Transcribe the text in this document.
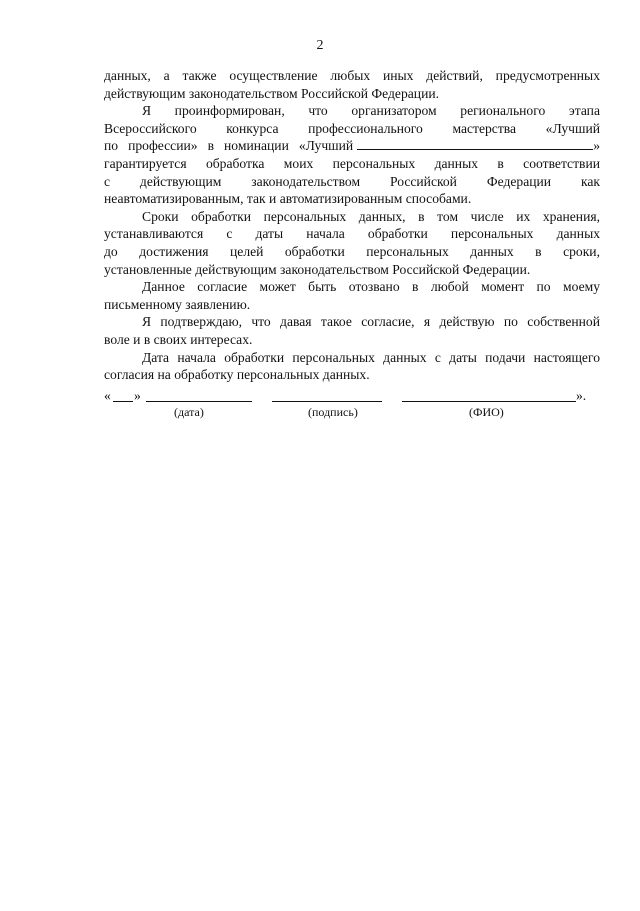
2
данных, а также осуществление любых иных действий, предусмотренных
действующим законодательством Российской Федерации.
Я проинформирован, что организатором регионального этапа
Всероссийского конкурса профессионального мастерства «Лучший
по профессии» в номинации «Лучший	»
гарантируется обработка моих персональных данных в соответствии
с действующим законодательством Российской Федерации как
неавтоматизированным, так и автоматизированным способами.
Сроки обработки персональных данных, в том числе их хранения,
устанавливаются с даты начала обработки персональных данных
до достижения целей обработки персональных данных в сроки,
установленные действующим законодательством Российской Федерации.
Данное согласие может быть отозвано в любой момент по моему
письменному заявлению.
Я подтверждаю, что давая такое согласие, я действую по собственной
воле и в своих интересах.
Дата начала обработки персональных данных с даты подачи настоящего
согласия на обработку персональных данных.
« »	».
(дата)	(подпись)	(ФИО)
